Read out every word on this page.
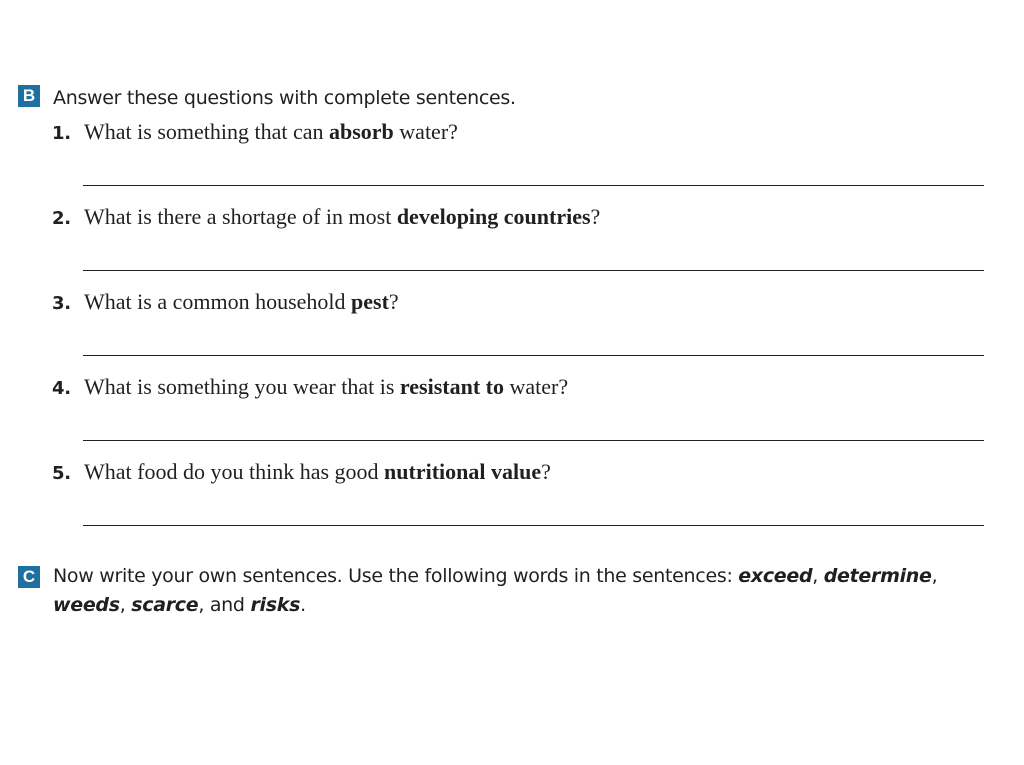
B Answer these questions with complete sentences.
1. What is something that can absorb water?
2. What is there a shortage of in most developing countries?
3. What is a common household pest?
4. What is something you wear that is resistant to water?
5. What food do you think has good nutritional value?
C Now write your own sentences. Use the following words in the sentences: exceed, determine,
weeds, scarce, and risks.
